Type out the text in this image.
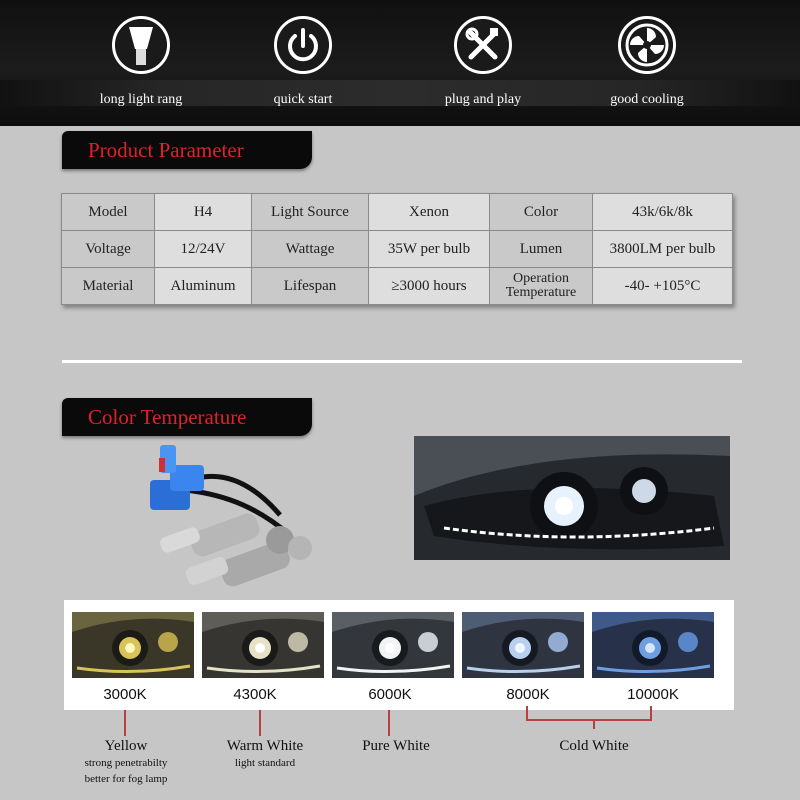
long light rang	quick start	plug and play	good cooling
Product Parameter
Model	H4	Light Source	Xenon	Color	43k/6k/8k
Voltage	12/24V	Wattage	35W per bulb	Lumen	3800LM per bulb
Material	Aluminum	Lifespan	≥3000 hours	Operation Temperature	-40- +105°C
Color Temperature
3000K	4300K	6000K	8000K	10000K
Yellow
strong penetrabilty
better for fog lamp
Warm White
light standard
Pure White	Cold White
